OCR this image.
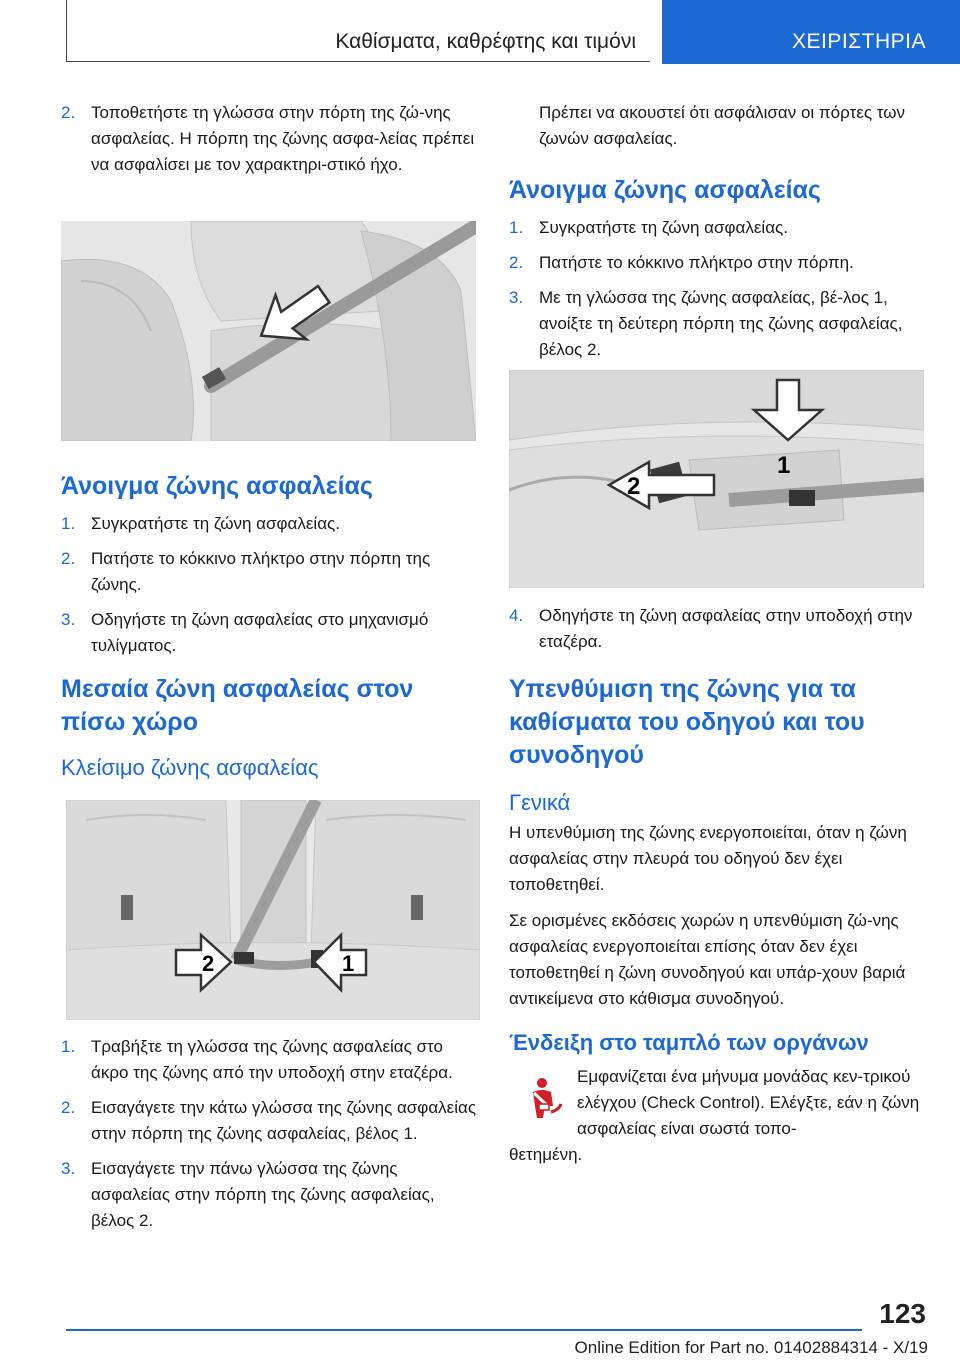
Καθίσματα, καθρέφτης και τιμόνι	ΧΕΙΡΙΣΤΗΡΙΑ
2. Τοποθετήστε τη γλώσσα στην πόρτη της ζώ-νης ασφαλείας. Η πόρπη της ζώνης ασφα-λείας πρέπει να ασφαλίσει με τον χαρακτηρι-στικό ήχο.
Άνοιγμα ζώνης ασφαλείας
1. Συγκρατήστε τη ζώνη ασφαλείας.
2. Πατήστε το κόκκινο πλήκτρο στην πόρπη της ζώνης.
3. Οδηγήστε τη ζώνη ασφαλείας στο μηχανισμό τυλίγματος.
Μεσαία ζώνη ασφαλείας στον πίσω χώρο
Κλείσιμο ζώνης ασφαλείας
2	1
1. Τραβήξτε τη γλώσσα της ζώνης ασφαλείας στο άκρο της ζώνης από την υποδοχή στην εταζέρα.
2. Εισαγάγετε την κάτω γλώσσα της ζώνης ασφαλείας στην πόρπη της ζώνης ασφαλείας, βέλος 1.
3. Εισαγάγετε την πάνω γλώσσα της ζώνης ασφαλείας στην πόρπη της ζώνης ασφαλείας, βέλος 2.
Πρέπει να ακουστεί ότι ασφάλισαν οι πόρτες των ζωνών ασφαλείας.
Άνοιγμα ζώνης ασφαλείας
1. Συγκρατήστε τη ζώνη ασφαλείας.
2. Πατήστε το κόκκινο πλήκτρο στην πόρπη.
3. Με τη γλώσσα της ζώνης ασφαλείας, βέ-λος 1, ανοίξτε τη δεύτερη πόρπη της ζώνης ασφαλείας, βέλος 2.
1
2
4. Οδηγήστε τη ζώνη ασφαλείας στην υποδοχή στην εταζέρα.
Υπενθύμιση της ζώνης για τα καθίσματα του οδηγού και του συνοδηγού
Γενικά
Η υπενθύμιση της ζώνης ενεργοποιείται, όταν η ζώνη ασφαλείας στην πλευρά του οδηγού δεν έχει τοποθετηθεί.
Σε ορισμένες εκδόσεις χωρών η υπενθύμιση ζώ-νης ασφαλείας ενεργοποιείται επίσης όταν δεν έχει τοποθετηθεί η ζώνη συνοδηγού και υπάρ-χουν βαριά αντικείμενα στο κάθισμα συνοδηγού.
Ένδειξη στο ταμπλό των οργάνων
Εμφανίζεται ένα μήνυμα μονάδας κεν-τρικού ελέγχου (Check Control). Ελέγξτε, εάν η ζώνη ασφαλείας είναι σωστά τοπο-
θετημένη.
123
Online Edition for Part no. 01402884314 - X/19
